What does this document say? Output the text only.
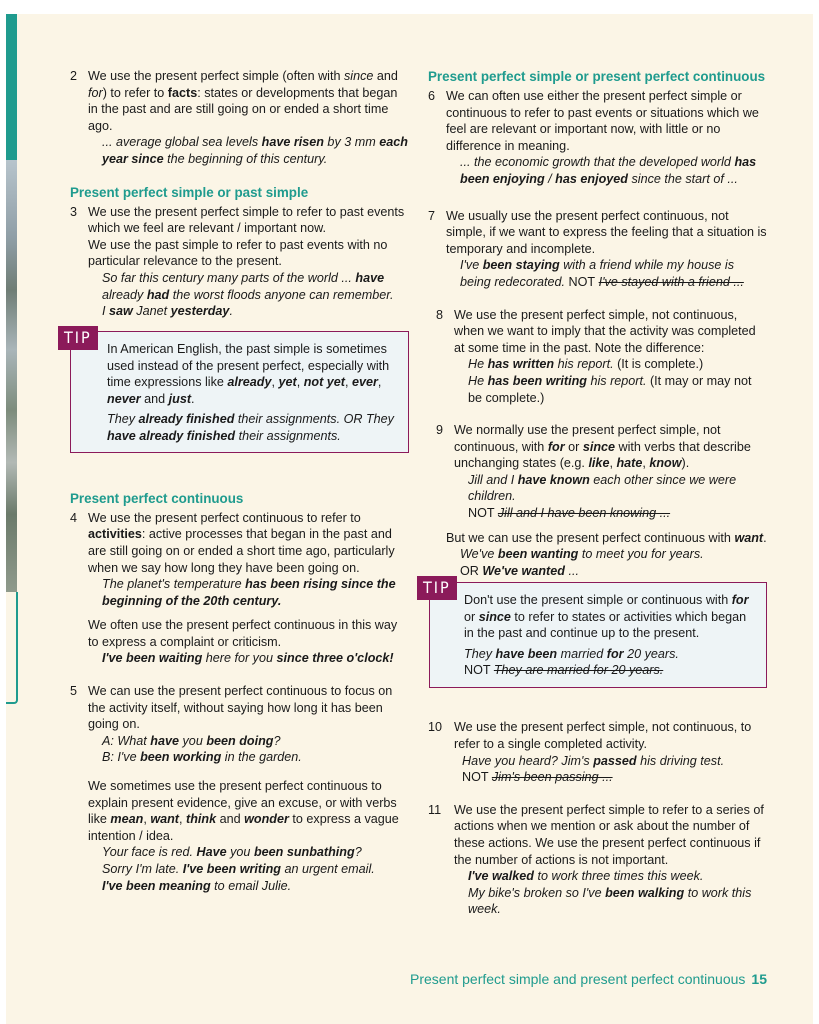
2 We use the present perfect simple (often with since and for) to refer to facts: states or developments that began in the past and are still going on or ended a short time ago.
... average global sea levels have risen by 3 mm each year since the beginning of this century.
Present perfect simple or past simple
3 We use the present perfect simple to refer to past events which we feel are relevant / important now.
We use the past simple to refer to past events with no particular relevance to the present.
So far this century many parts of the world ... have already had the worst floods anyone can remember.
I saw Janet yesterday.
Present perfect continuous
4 We use the present perfect continuous to refer to activities: active processes that began in the past and are still going on or ended a short time ago, particularly when we say how long they have been going on.
The planet's temperature has been rising since the beginning of the 20th century.
We often use the present perfect continuous in this way to express a complaint or criticism.
I've been waiting here for you since three o'clock!
5 We can use the present perfect continuous to focus on the activity itself, without saying how long it has been going on.
A: What have you been doing?
B: I've been working in the garden.
We sometimes use the present perfect continuous to explain present evidence, give an excuse, or with verbs like mean, want, think and wonder to express a vague intention / idea.
Your face is red. Have you been sunbathing?
Sorry I'm late. I've been writing an urgent email.
I've been meaning to email Julie.
In American English, the past simple is sometimes used instead of the present perfect, especially with time expressions like already, yet, not yet, ever, never and just.
They already finished their assignments. OR They have already finished their assignments.
TIP
Present perfect simple or present perfect continuous
6 We can often use either the present perfect simple or continuous to refer to past events or situations which we feel are relevant or important now, with little or no difference in meaning.
... the economic growth that the developed world has been enjoying / has enjoyed since the start of ...
7 We usually use the present perfect continuous, not simple, if we want to express the feeling that a situation is temporary and incomplete.
I've been staying with a friend while my house is being redecorated. NOT I've stayed with a friend ...
8 We use the present perfect simple, not continuous, when we want to imply that the activity was completed at some time in the past. Note the difference:
He has written his report. (It is complete.)
He has been writing his report. (It may or may not be complete.)
9 We normally use the present perfect simple, not continuous, with for or since with verbs that describe unchanging states (e.g. like, hate, know).
Jill and I have known each other since we were children.
NOT Jill and I have been knowing ...
But we can use the present perfect continuous with want.
We've been wanting to meet you for years.
OR We've wanted ...
10 We use the present perfect simple, not continuous, to refer to a single completed activity.
Have you heard? Jim's passed his driving test.
NOT Jim's been passing ...
11 We use the present perfect simple to refer to a series of actions when we mention or ask about the number of these actions. We use the present perfect continuous if the number of actions is not important.
I've walked to work three times this week.
My bike's broken so I've been walking to work this week.
Don't use the present simple or continuous with for or since to refer to states or activities which began in the past and continue up to the present.
They have been married for 20 years.
NOT They are married for 20 years.
TIP
Present perfect simple and present perfect continuous 15
